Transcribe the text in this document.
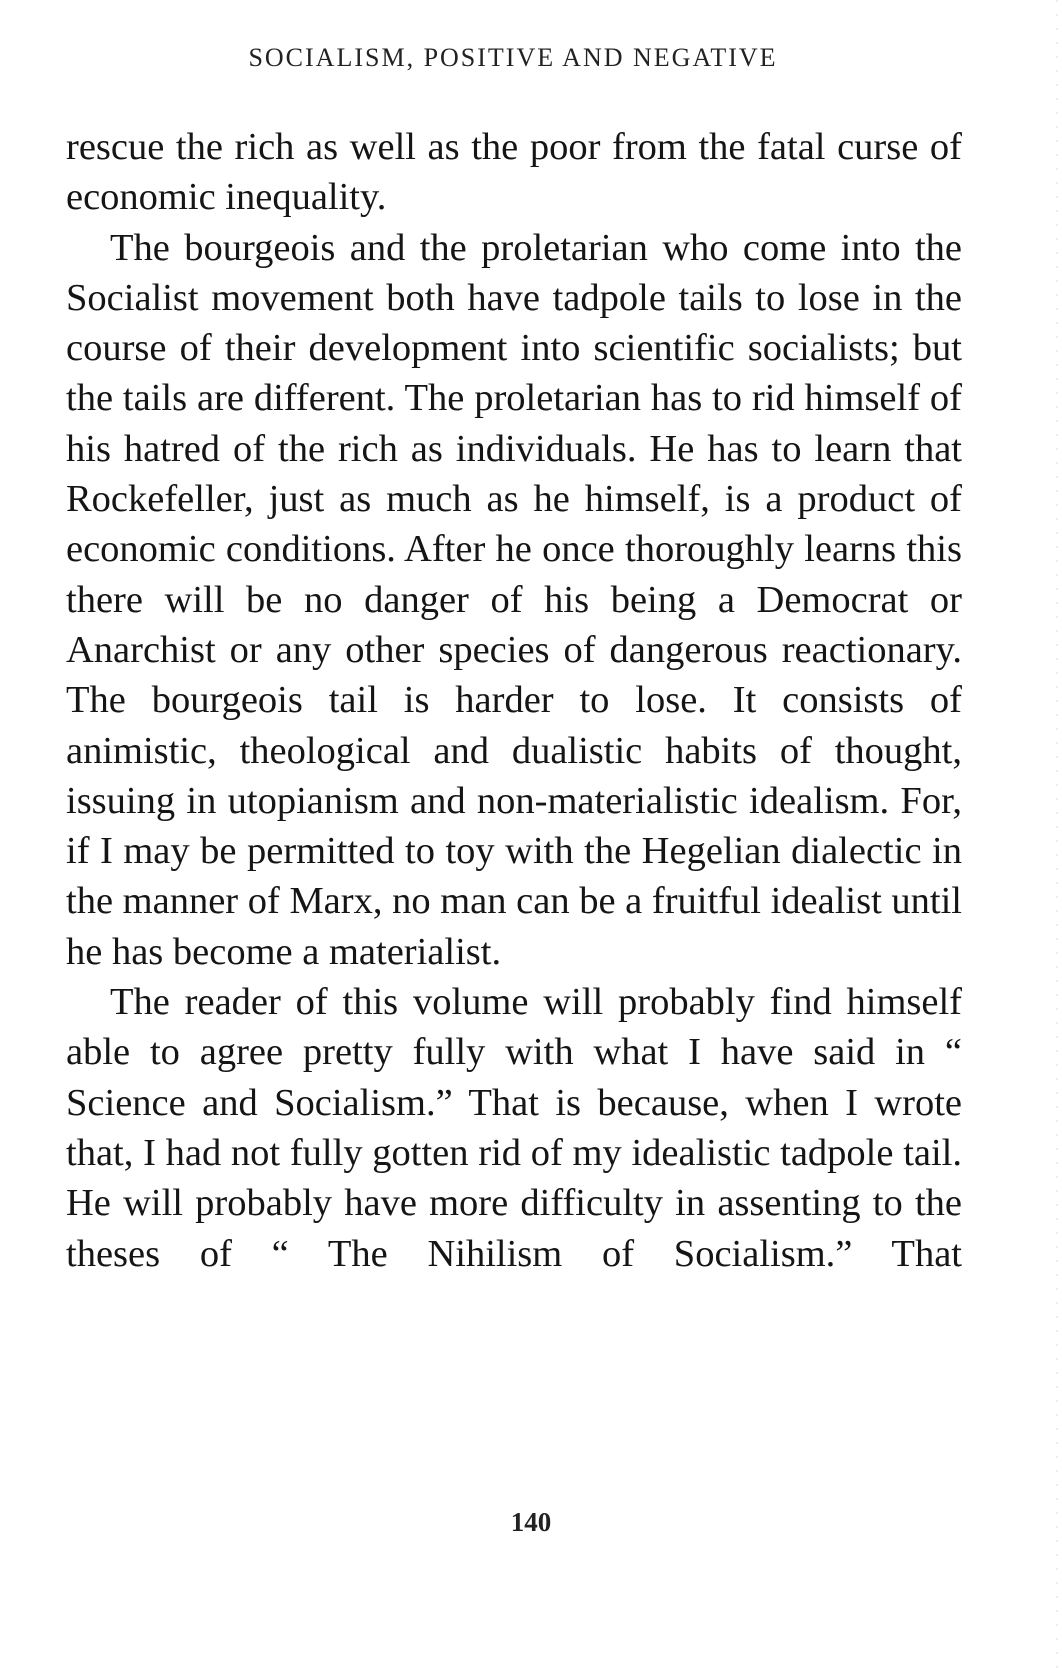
SOCIALISM, POSITIVE AND NEGATIVE

rescue the rich as well as the poor from the fatal curse of economic inequality.

The bourgeois and the proletarian who come into the Socialist movement both have tadpole tails to lose in the course of their development into scientific socialists; but the tails are different. The proletarian has to rid himself of his hatred of the rich as individuals. He has to learn that Rockefeller, just as much as he himself, is a product of economic conditions. After he once thoroughly learns this there will be no danger of his being a Democrat or Anarchist or any other species of dangerous reactionary. The bourgeois tail is harder to lose. It consists of animistic, theological and dualistic habits of thought, issuing in utopianism and non-materialistic idealism. For, if I may be permitted to toy with the Hegelian dialectic in the manner of Marx, no man can be a fruitful idealist until he has become a materialist.

The reader of this volume will probably find himself able to agree pretty fully with what I have said in “ Science and Socialism.” That is because, when I wrote that, I had not fully gotten rid of my idealistic tadpole tail. He will probably have more difficulty in assenting to the theses of “ The Nihilism of Socialism.” That

140
